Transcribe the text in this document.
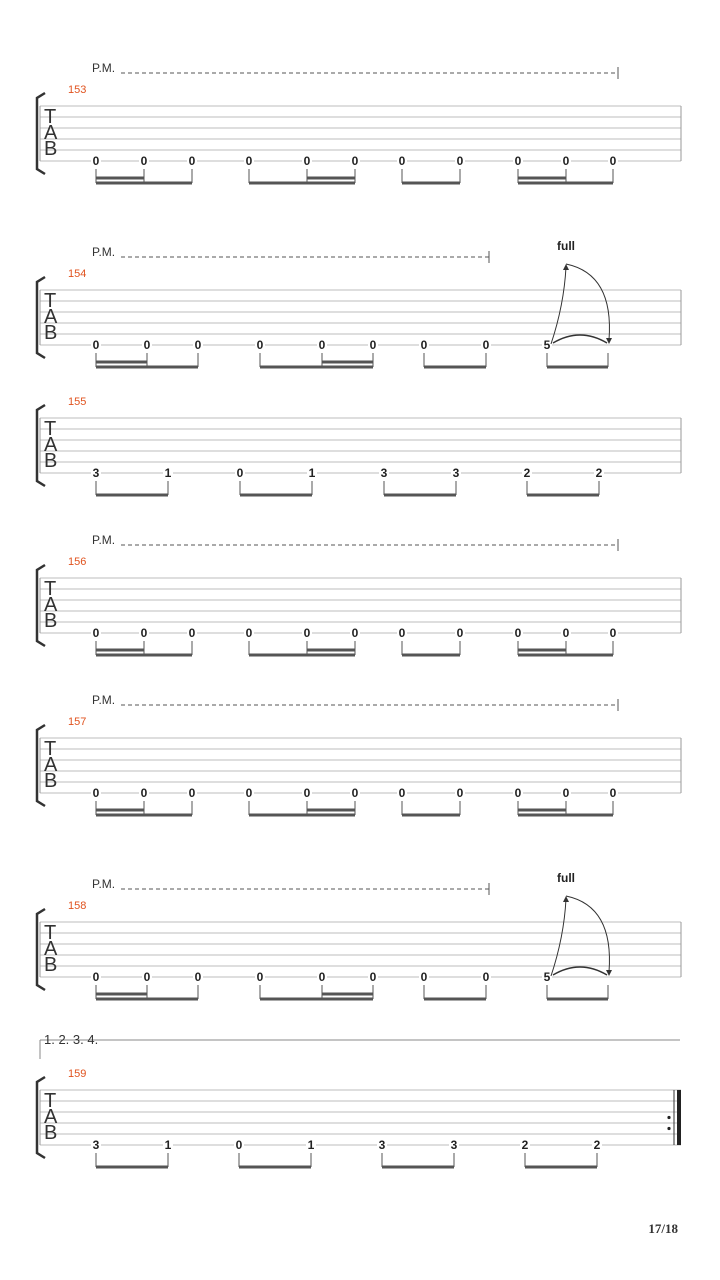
P.M.
153
T
A
B
0	0	0	0	0	0	0	0	0	0	0
P.M.
154
T
A
B
0	0	0	0	0	0	0	0	5
full
155
T
A
B
3	1	0	1	3	3	2	2
P.M.
156
T
A
B
0	0	0	0	0	0	0	0	0	0	0
P.M.
157
T
A
B
0	0	0	0	0	0	0	0	0	0	0
P.M.
158
T
A
B
0	0	0	0	0	0	0	0	5
full
1. 2. 3. 4.
159
T
A
B
3	1	0	1	3	3	2	2
17/18
